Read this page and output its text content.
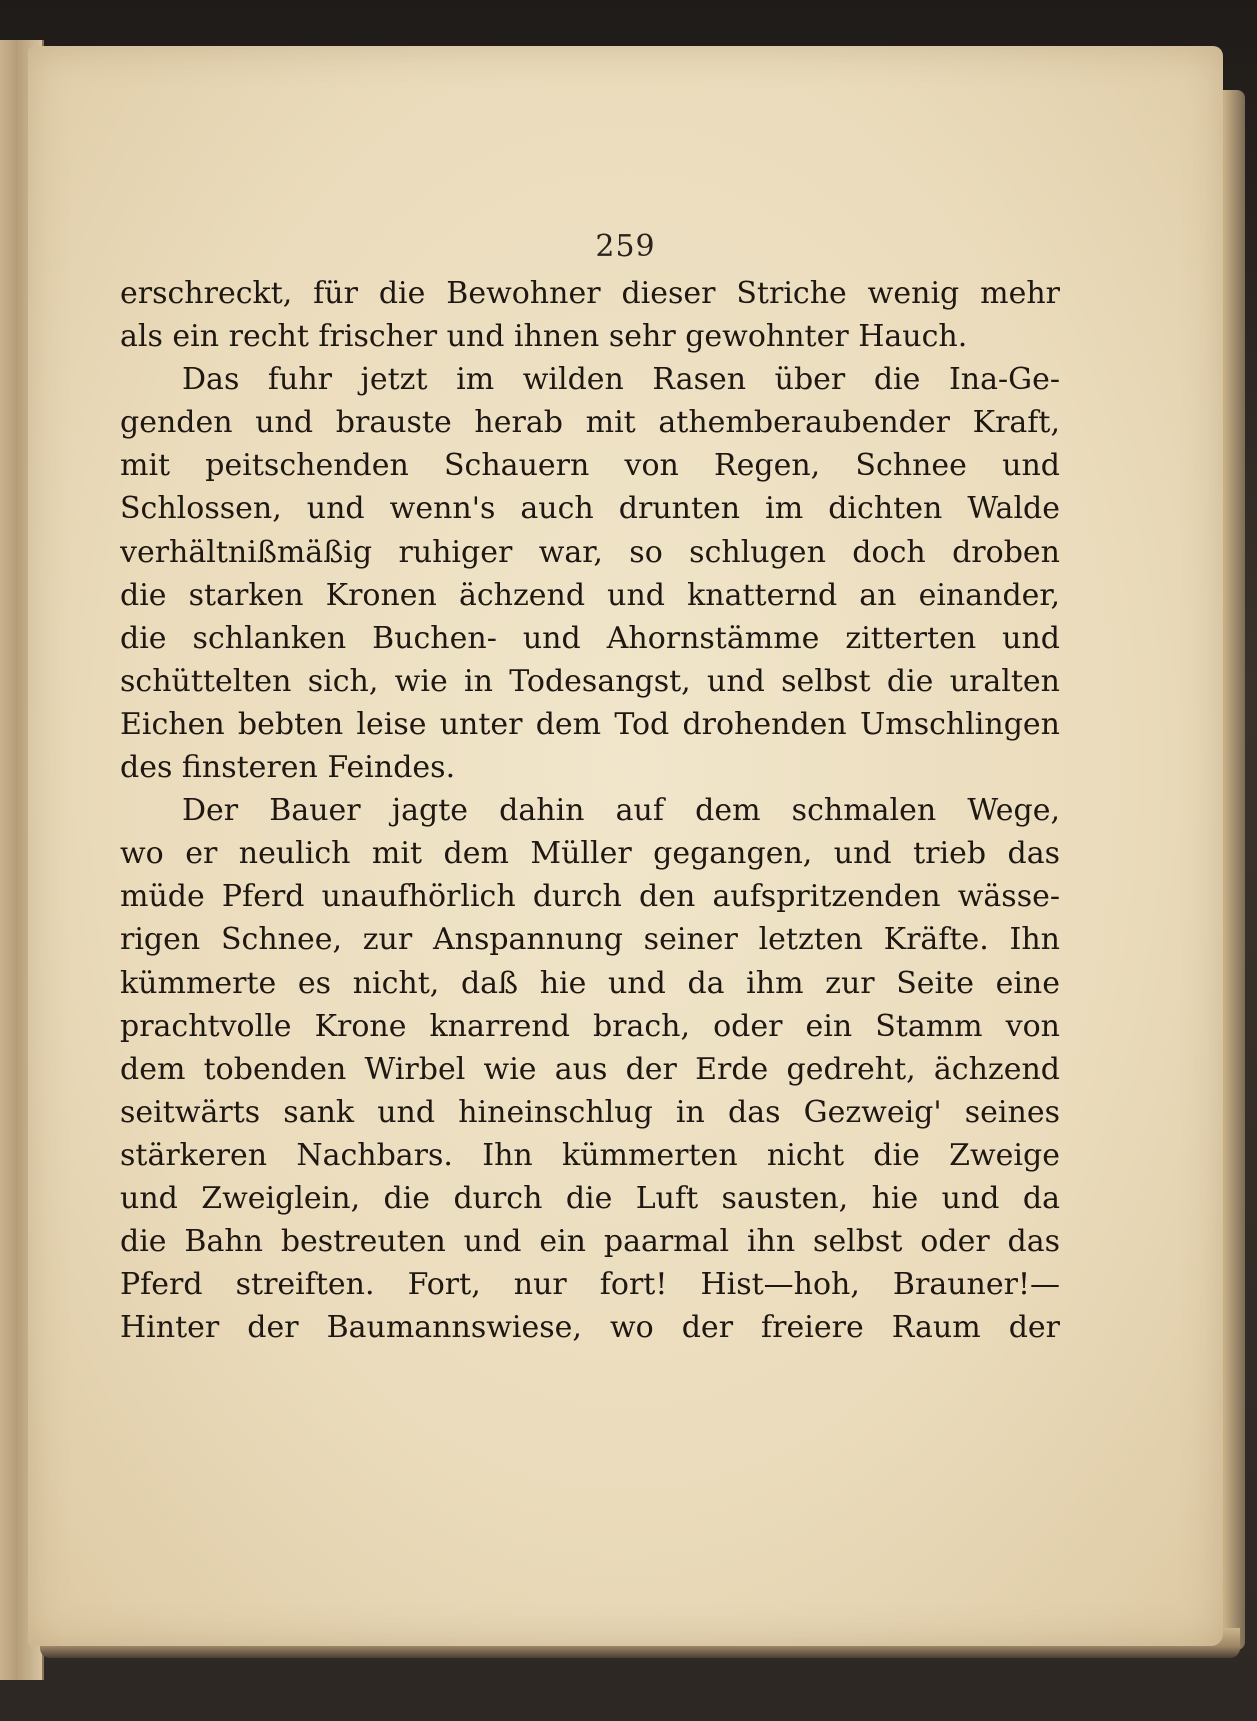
259

erschreckt, für die Bewohner dieser Striche wenig mehr
als ein recht frischer und ihnen sehr gewohnter Hauch.
Das fuhr jetzt im wilden Rasen über die Ina-Ge-
genden und brauste herab mit athemberaubender Kraft,
mit peitschenden Schauern von Regen, Schnee und
Schlossen, und wenn's auch drunten im dichten Walde
verhältnißmäßig ruhiger war, so schlugen doch droben
die starken Kronen ächzend und knatternd an einander,
die schlanken Buchen- und Ahornstämme zitterten und
schüttelten sich, wie in Todesangst, und selbst die uralten
Eichen bebten leise unter dem Tod drohenden Umschlingen
des finsteren Feindes.
Der Bauer jagte dahin auf dem schmalen Wege,
wo er neulich mit dem Müller gegangen, und trieb das
müde Pferd unaufhörlich durch den aufspritzenden wässe-
rigen Schnee, zur Anspannung seiner letzten Kräfte. Ihn
kümmerte es nicht, daß hie und da ihm zur Seite eine
prachtvolle Krone knarrend brach, oder ein Stamm von
dem tobenden Wirbel wie aus der Erde gedreht, ächzend
seitwärts sank und hineinschlug in das Gezweig' seines
stärkeren Nachbars. Ihn kümmerten nicht die Zweige
und Zweiglein, die durch die Luft sausten, hie und da
die Bahn bestreuten und ein paarmal ihn selbst oder das
Pferd streiften. Fort, nur fort! Hist—hoh, Brauner!—
Hinter der Baumannswiese, wo der freiere Raum der
